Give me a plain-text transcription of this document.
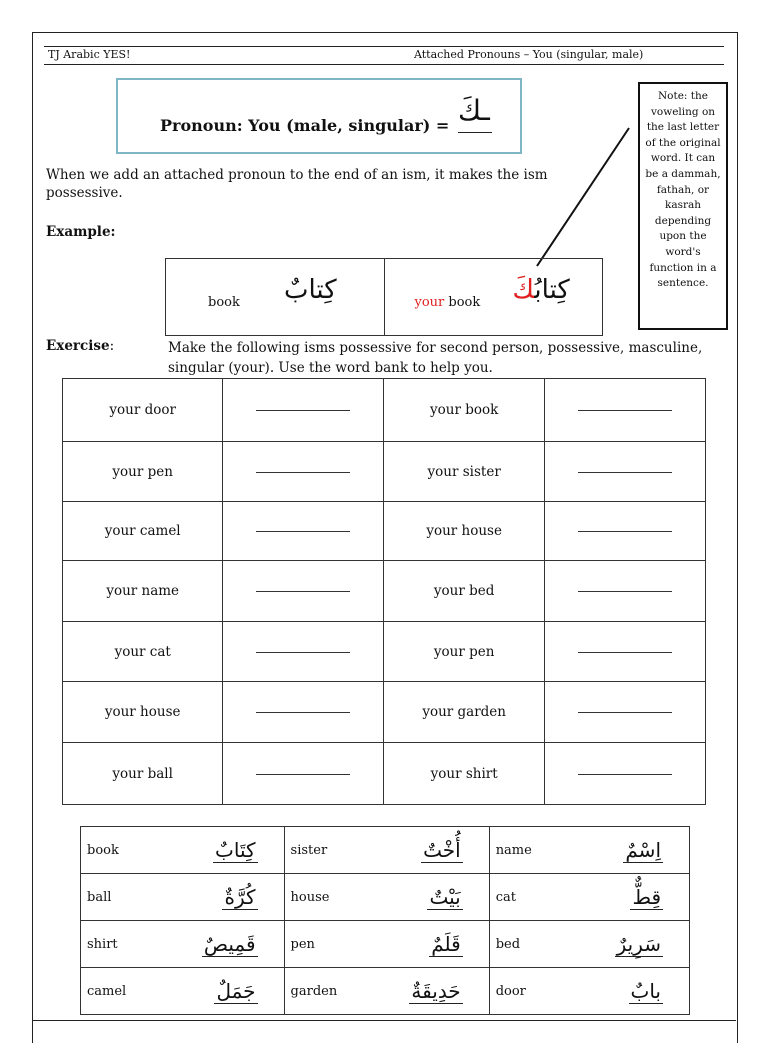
TJ Arabic YES!	Attached Pronouns – You (singular, male)
Pronoun: You (male, singular) = ـكَ	Note: the voweling on the last letter of the original word. It can be a dammah, fathah, or kasrah depending upon the word's function in a sentence.
When we add an attached pronoun to the end of an ism, it makes the ism possessive.
Example:
book كِتابٌ	your book	كِتابُكَ
Exercise:	Make the following isms possessive for second person, possessive, masculine, singular (your). Use the word bank to help you.
your door		your book	
your pen		your sister	
your camel		your house	
your name		your bed	
your cat		your pen	
your house		your garden	
your ball		your shirt	
book	كِتَابٌ	sister	أُخْتٌ	name	اِسْمٌ
ball	كُرَّةٌ	house	بَيْتٌ	cat	قِطٌّ
shirt	قَمِيصٌ	pen	قَلَمٌ	bed	سَرِيرٌ
camel	جَمَلٌ	garden	حَدِيقَةٌ	door	بابٌ
